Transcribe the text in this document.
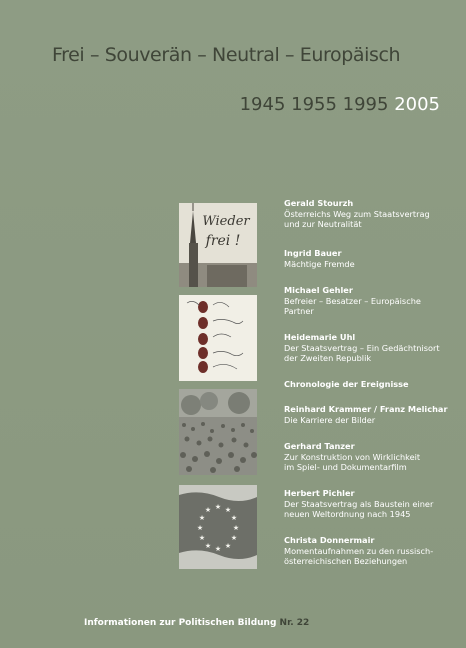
Frei – Souverän – Neutral – Europäisch
1945 1955 1995 2005
Wieder
frei !
★ ★
★
★
★
★
★
★
★
★
★
★
Gerald Stourzh
Österreichs Weg zum Staatsvertrag
und zur Neutralität
Ingrid Bauer
Mächtige Fremde
Michael Gehler
Befreier – Besatzer – Europäische
Partner
Heidemarie Uhl
Der Staatsvertrag – Ein Gedächtnisort
der Zweiten Republik
Chronologie der Ereignisse
Reinhard Krammer / Franz Melichar
Die Karriere der Bilder
Gerhard Tanzer
Zur Konstruktion von Wirklichkeit
im Spiel- und Dokumentarfilm
Herbert Pichler
Der Staatsvertrag als Baustein einer
neuen Weltordnung nach 1945
Christa Donnermair
Momentaufnahmen zu den russisch-
österreichischen Beziehungen
Informationen zur Politischen Bildung Nr. 22
